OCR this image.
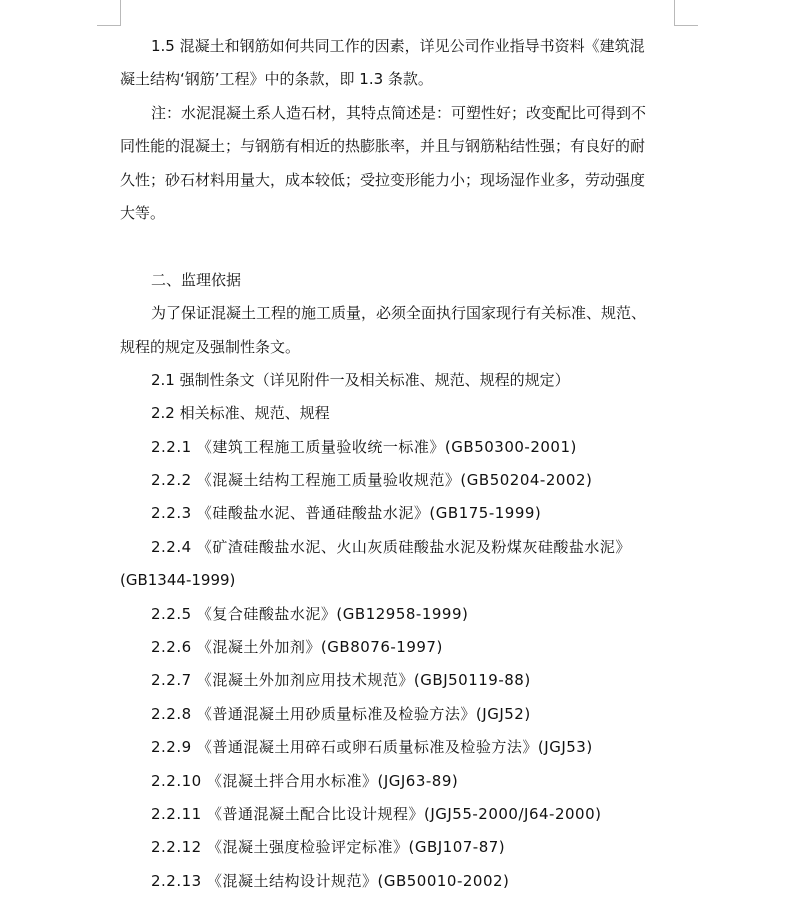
1.5 混凝土和钢筋如何共同工作的因素，详见公司作业指导书资料《建筑混
凝土结构‘钢筋’工程》中的条款，即 1.3 条款。
注：水泥混凝土系人造石材，其特点简述是：可塑性好；改变配比可得到不
同性能的混凝土；与钢筋有相近的热膨胀率，并且与钢筋粘结性强；有良好的耐
久性；砂石材料用量大，成本较低；受拉变形能力小；现场湿作业多，劳动强度
大等。
二、监理依据
为了保证混凝土工程的施工质量，必须全面执行国家现行有关标准、规范、
规程的规定及强制性条文。
2.1 强制性条文（详见附件一及相关标准、规范、规程的规定）
2.2 相关标准、规范、规程
2.2.1 《建筑工程施工质量验收统一标准》(GB50300-2001)
2.2.2 《混凝土结构工程施工质量验收规范》(GB50204-2002)
2.2.3 《硅酸盐水泥、普通硅酸盐水泥》(GB175-1999)
2.2.4 《矿渣硅酸盐水泥、火山灰质硅酸盐水泥及粉煤灰硅酸盐水泥》
(GB1344-1999)
2.2.5 《复合硅酸盐水泥》(GB12958-1999)
2.2.6 《混凝土外加剂》(GB8076-1997)
2.2.7 《混凝土外加剂应用技术规范》(GBJ50119-88)
2.2.8 《普通混凝土用砂质量标准及检验方法》(JGJ52)
2.2.9 《普通混凝土用碎石或卵石质量标准及检验方法》(JGJ53)
2.2.10 《混凝土拌合用水标准》(JGJ63-89)
2.2.11 《普通混凝土配合比设计规程》(JGJ55-2000/J64-2000)
2.2.12 《混凝土强度检验评定标准》(GBJ107-87)
2.2.13 《混凝土结构设计规范》(GB50010-2002)
